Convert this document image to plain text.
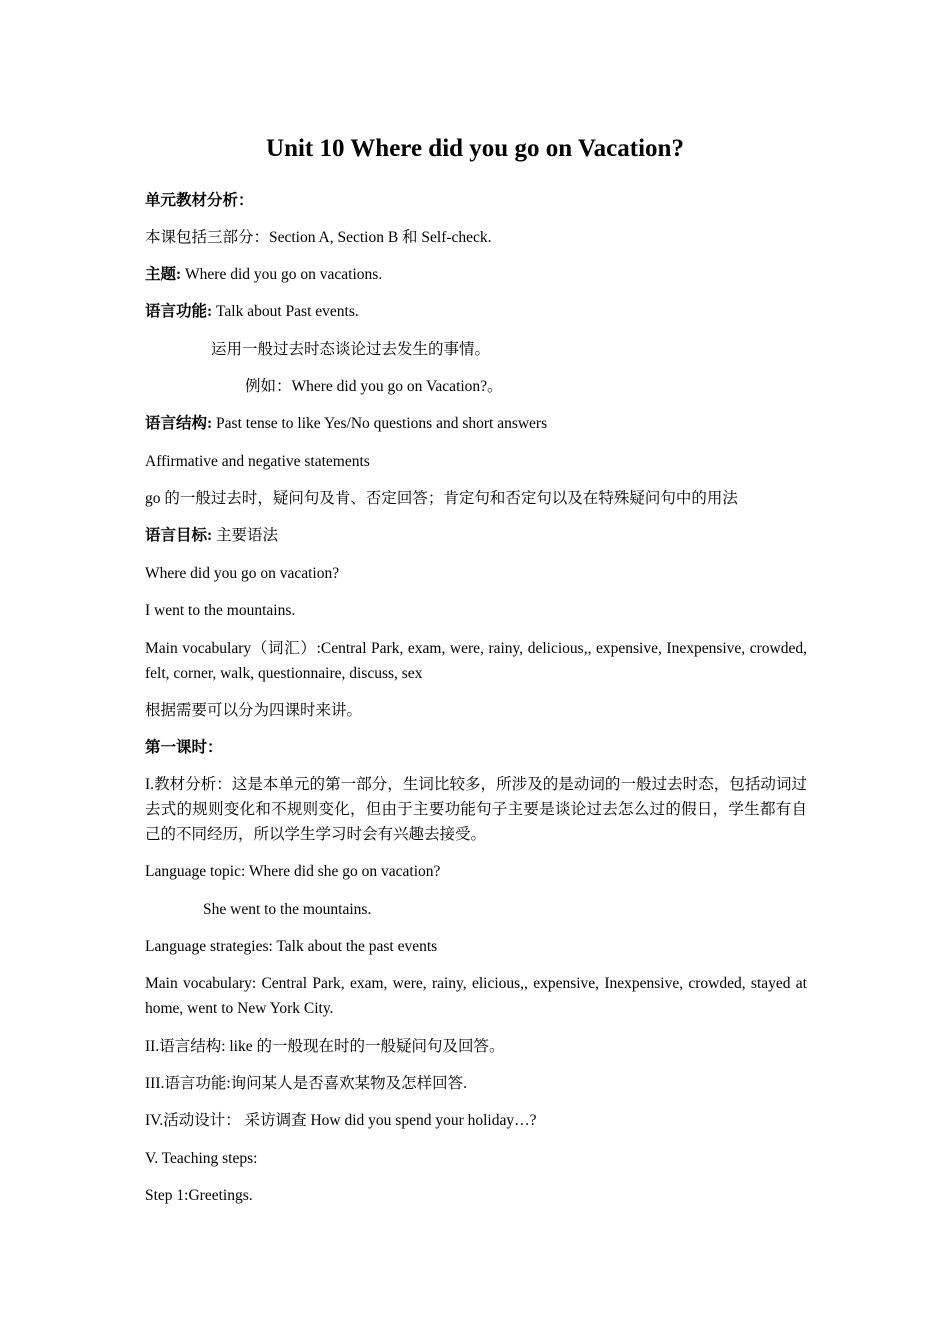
Unit 10 Where did you go on Vacation?
单元教材分析：
本课包括三部分：Section A, Section B 和 Self-check.
主题: Where did you go on vacations.
语言功能: Talk about Past events.
运用一般过去时态谈论过去发生的事情。
例如：Where did you go on Vacation?。
语言结构: Past tense to like Yes/No questions and short answers
Affirmative and negative statements
go 的一般过去时，疑问句及肯、否定回答；肯定句和否定句以及在特殊疑问句中的用法
语言目标: 主要语法
Where did you go on vacation?
I went to the mountains.
Main vocabulary（词汇）:Central Park, exam, were, rainy, delicious,, expensive, Inexpensive, crowded, felt, corner, walk, questionnaire, discuss, sex
根据需要可以分为四课时来讲。
第一课时：
I.教材分析：这是本单元的第一部分，生词比较多，所涉及的是动词的一般过去时态，包括动词过去式的规则变化和不规则变化，但由于主要功能句子主要是谈论过去怎么过的假日，学生都有自己的不同经历，所以学生学习时会有兴趣去接受。
Language topic: Where did she go on vacation?
She went to the mountains.
Language strategies: Talk about the past events
Main vocabulary: Central Park, exam, were, rainy, elicious,, expensive, Inexpensive, crowded, stayed at home, went to New York City.
II.语言结构: like 的一般现在时的一般疑问句及回答。
III.语言功能:询问某人是否喜欢某物及怎样回答.
IV.活动设计： 采访调查 How did you spend your holiday…?
V. Teaching steps:
Step 1:Greetings.
